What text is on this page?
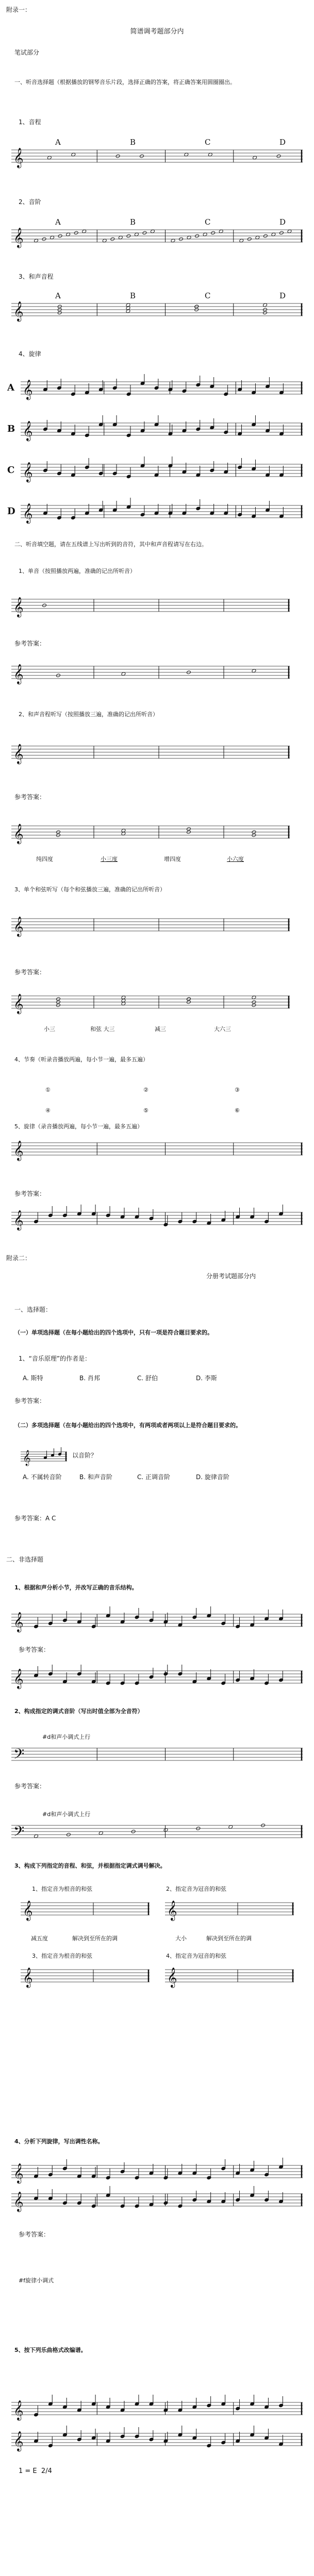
附录一：

简谱调考题部分内

笔试部分

一、听音选择题（根据播放的钢琴音乐片段，选择正确的答案，将正确答案用圆圈圈出。

1、音程

A	B	C	D
𝄞

2、音阶

A	B	C	D
𝄞

3、和声音程

A	B	C	D
𝄞

4、旋律

A 𝄞
B 𝄞
C 𝄞
D 𝄞

二、听音填空题，请在五线谱上写出听到的音符，其中和声音程请写在右边。

1、单音（按照播放两遍，准确的记出所听音）

𝄞

参考答案：

𝄞

2、和声音程听写（按照播放三遍，准确的记出所听音）

𝄞

参考答案：

𝄞

纯四度	小三度	增四度	小六度

3、单个和弦听写（每个和弦播放三遍，准确的记出所听音）

𝄞

参考答案：

𝄞

小三	和弦 大三	减三	大六三

4、节奏（听录音播放两遍，每小节一遍，最多五遍）

①	②	③
④	⑤	⑥

5、旋律（录音播放两遍，每小节一遍，最多五遍）

𝄞

参考答案：

𝄞

附录二：

分册考试题部分内

一、选择题：

（一）单项选择题（在每小题给出的四个选项中，只有一项是符合题目要求的。

1、“音乐原理”的作者是：

A. 斯特	B. 肖邦	C. 舒伯	D. 李斯

参考答案：

（二）多项选择题（在每小题给出的四个选项中，有两项或者两项以上是符合题目要求的。

𝄞	以音阶？

A. 不属转音阶	B. 和声音阶	C. 正调音阶	D. 旋律音阶

参考答案：A C

二、非选择题

1、根据和声分析小节，并改写正确的音乐结构。

𝄞

参考答案：

𝄞

2、构成指定的调式音阶（写出时值全部为全音符）

#d和声小调式上行

𝄢

参考答案：

#d和声小调式上行

𝄢

3、构成下列指定的音程、和弦，并根据指定调式调号解决。

1、指定音为根音的和弦	2、指定音为冠音的和弦

𝄞	𝄞

减五度	解决到至所在的调	大小	解决到至所在的调

3、指定音为根音的和弦	4、指定音为冠音的和弦

𝄞	𝄞

4、分析下列旋律，写出调性名称。

𝄞
𝄞

参考答案：

#f旋律小调式

5、按下列乐曲格式改编谱。

𝄞
𝄞

1 = E 2/4
